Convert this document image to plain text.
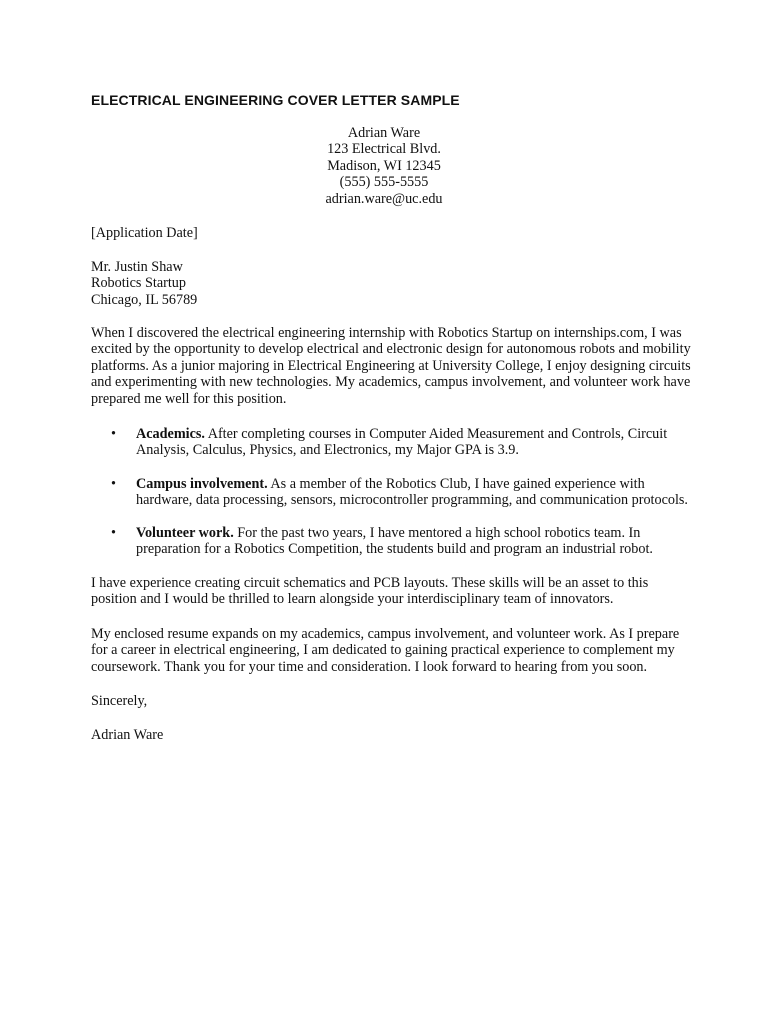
ELECTRICAL ENGINEERING COVER LETTER SAMPLE
Adrian Ware
123 Electrical Blvd.
Madison, WI 12345
(555) 555-5555
adrian.ware@uc.edu
[Application Date]
Mr. Justin Shaw
Robotics Startup
Chicago, IL 56789
When I discovered the electrical engineering internship with Robotics Startup on internships.com, I was
excited by the opportunity to develop electrical and electronic design for autonomous robots and mobility
platforms. As a junior majoring in Electrical Engineering at University College, I enjoy designing circuits
and experimenting with new technologies. My academics, campus involvement, and volunteer work have
prepared me well for this position.
• Academics. After completing courses in Computer Aided Measurement and Controls, Circuit
Analysis, Calculus, Physics, and Electronics, my Major GPA is 3.9.
• Campus involvement. As a member of the Robotics Club, I have gained experience with
hardware, data processing, sensors, microcontroller programming, and communication protocols.
• Volunteer work. For the past two years, I have mentored a high school robotics team. In
preparation for a Robotics Competition, the students build and program an industrial robot.
I have experience creating circuit schematics and PCB layouts. These skills will be an asset to this
position and I would be thrilled to learn alongside your interdisciplinary team of innovators.
My enclosed resume expands on my academics, campus involvement, and volunteer work. As I prepare
for a career in electrical engineering, I am dedicated to gaining practical experience to complement my
coursework. Thank you for your time and consideration. I look forward to hearing from you soon.
Sincerely,
Adrian Ware
